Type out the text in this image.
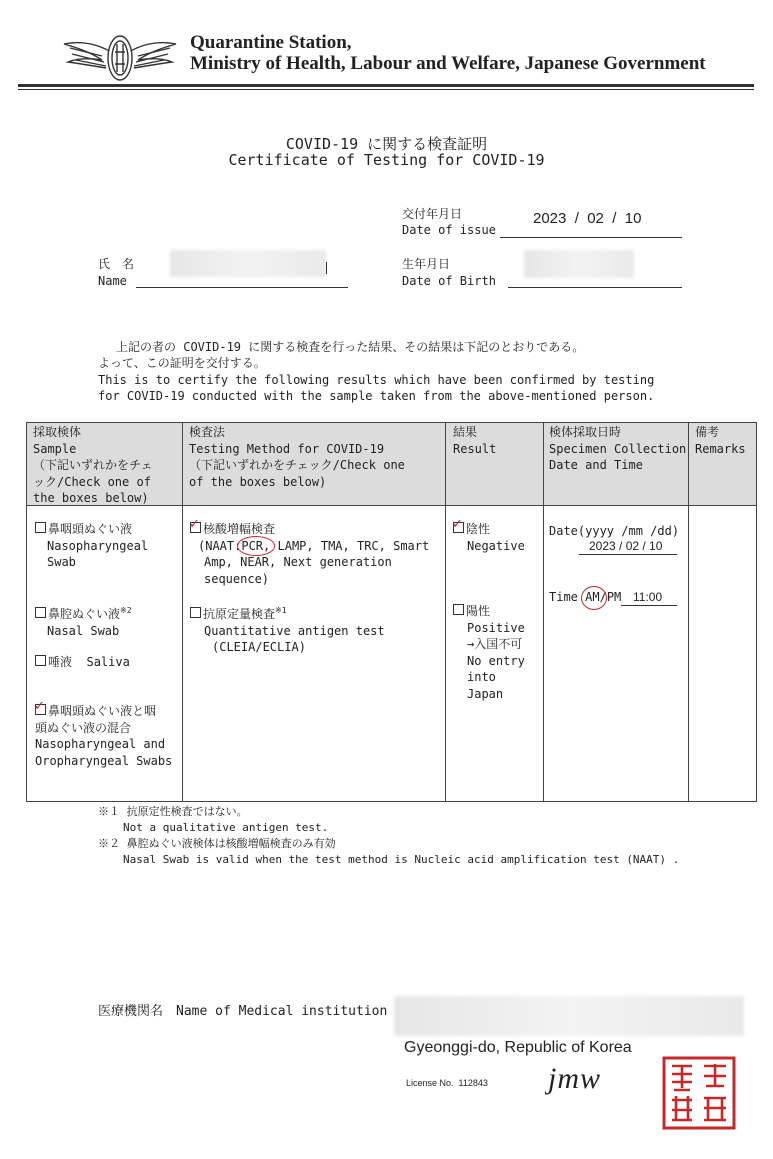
Quarantine Station,
Ministry of Health, Labour and Welfare, Japanese Government
COVID-19 に関する検査証明
Certificate of Testing for COVID-19
交付年月日
Date of issue
2023  /  02  /  10
氏　名
Name
生年月日
Date of Birth
上記の者の COVID-19 に関する検査を行った結果、その結果は下記のとおりである。
よって、この証明を交付する。
This is to certify the following results which have been confirmed by testing
for COVID-19 conducted with the sample taken from the above-mentioned person.
採取検体
Sample
（下記いずれかをチェ
ック/Check one of
the boxes below)
検査法
Testing Method for COVID-19
（下記いずれかをチェック/Check one
of the boxes below)
結果
Result
検体採取日時
Specimen Collection
Date and Time
備考
Remarks
鼻咽頭ぬぐい液
Nasopharyngeal
Swab
鼻腔ぬぐい液$^{※2}$
Nasal Swab
唾液 Saliva
✓ 鼻咽頭ぬぐい液と咽
頭ぬぐい液の混合
Nasopharyngeal and
Oropharyngeal Swabs
✓ 核酸増幅検査
(NAAT:PCR, LAMP, TMA, TRC, Smart
Amp, NEAR, Next generation
sequence)
抗原定量検査$^{※1}$
Quantitative antigen test
(CLEIA/ECLIA)
✓ 陰性
Negative
陽性
Positive
→入国不可
No entry
into
Japan
Date(yyyy /mm /dd)
2023 / 02 / 10
Time AM
/PM 11:00
※１ 抗原定性検査ではない。
Not a qualitative antigen test.
※２ 鼻腔ぬぐい液検体は核酸増幅検査のみ有効
Nasal Swab is valid when the test method is Nucleic acid amplification test (NAAT) .
医療機関名　Name of Medical institution
Gyeonggi-do, Republic of Korea
License No.  112843 jmw
